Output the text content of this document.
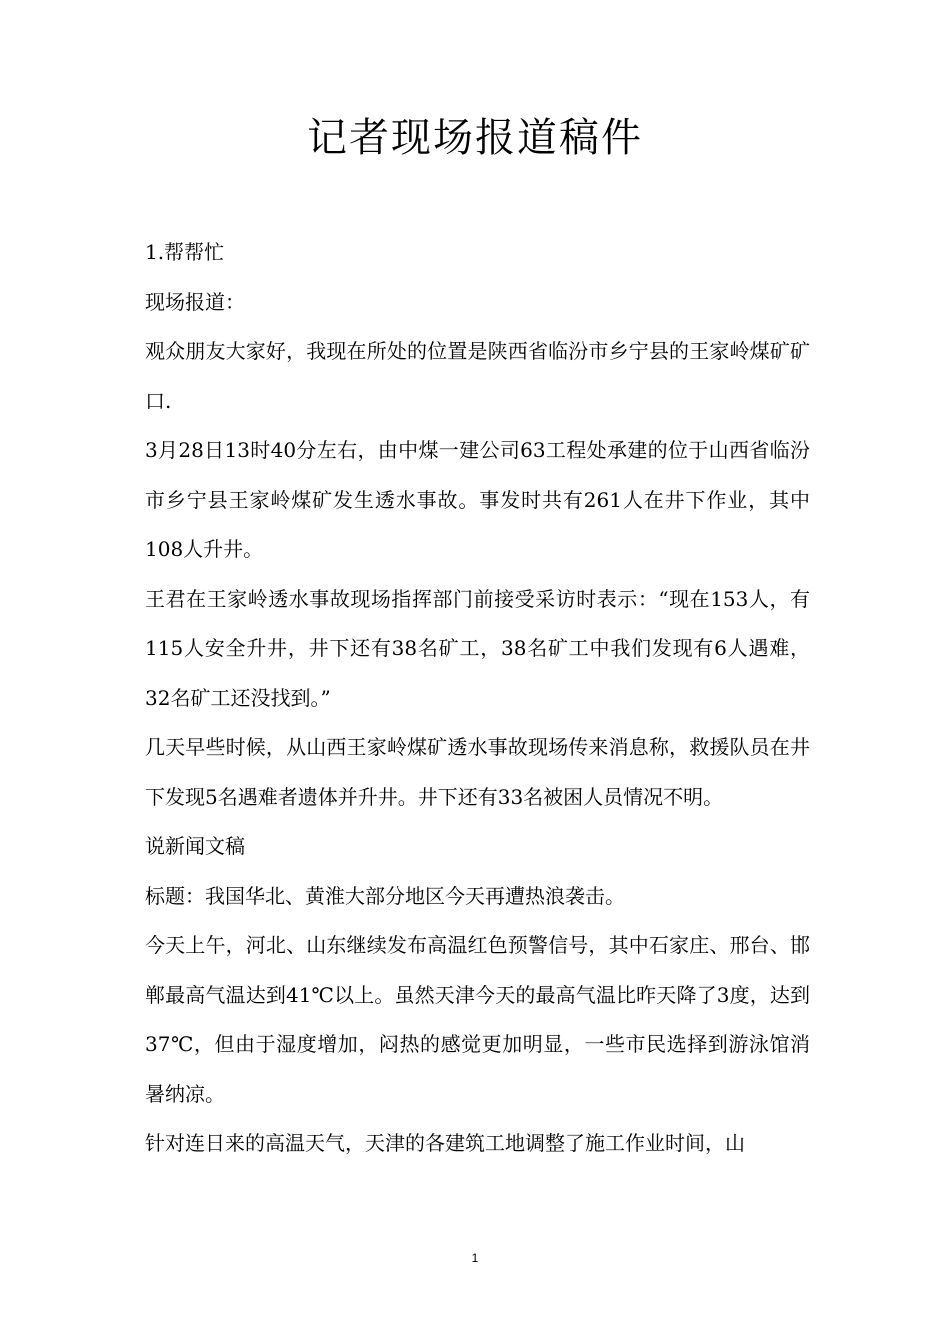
记者现场报道稿件

1.帮帮忙

现场报道：

观众朋友大家好，我现在所处的位置是陕西省临汾市乡宁县的王家岭煤矿矿口.

3月28日13时40分左右，由中煤一建公司63工程处承建的位于山西省临汾市乡宁县王家岭煤矿发生透水事故。事发时共有261人在井下作业，其中108人升井。

王君在王家岭透水事故现场指挥部门前接受采访时表示：“现在153人，有115人安全升井，井下还有38名矿工，38名矿工中我们发现有6人遇难，32名矿工还没找到。”

几天早些时候，从山西王家岭煤矿透水事故现场传来消息称，救援队员在井下发现5名遇难者遗体并升井。井下还有33名被困人员情况不明。

说新闻文稿

标题：我国华北、黄淮大部分地区今天再遭热浪袭击。

今天上午，河北、山东继续发布高温红色预警信号，其中石家庄、邢台、邯郸最高气温达到41℃以上。虽然天津今天的最高气温比昨天降了3度，达到37℃，但由于湿度增加，闷热的感觉更加明显，一些市民选择到游泳馆消暑纳凉。

针对连日来的高温天气，天津的各建筑工地调整了施工作业时间，山

1
